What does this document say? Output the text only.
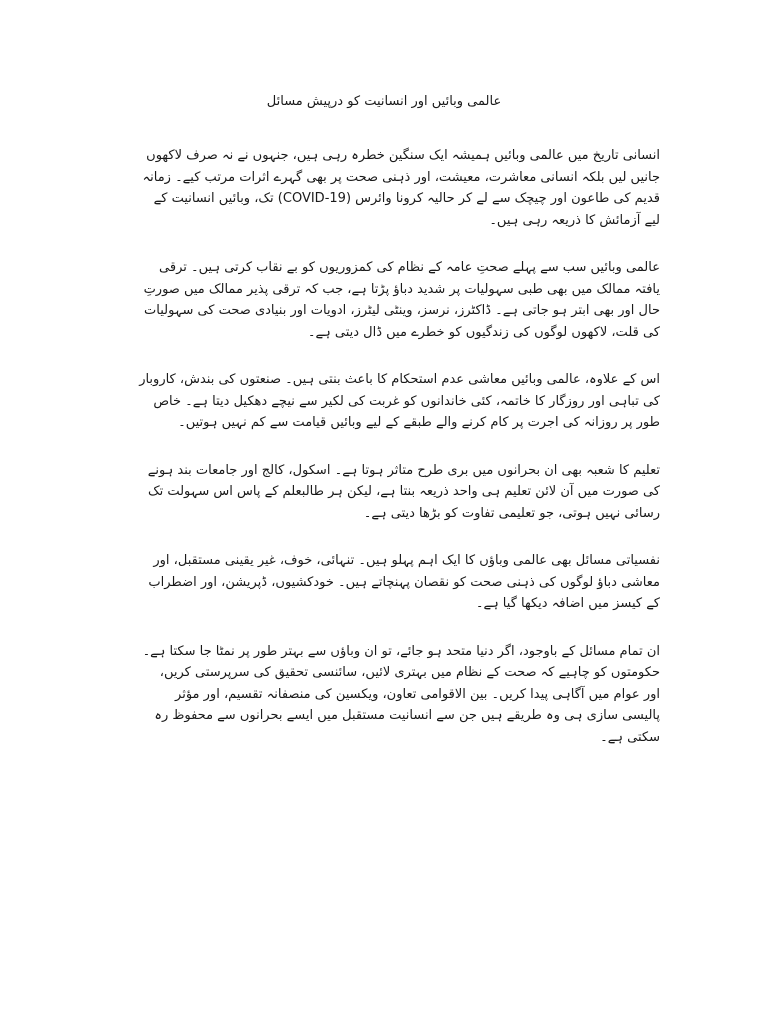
عالمی وبائیں اور انسانیت کو درپیش مسائل

انسانی تاریخ میں عالمی وبائیں ہمیشہ ایک سنگین خطرہ رہی ہیں، جنہوں نے نہ صرف لاکھوں
جانیں لیں بلکہ انسانی معاشرت، معیشت، اور ذہنی صحت پر بھی گہرے اثرات مرتب کیے۔ زمانہ
قدیم کی طاعون اور چیچک سے لے کر حالیہ کرونا وائرس (COVID-19) تک، وبائیں انسانیت کے
لیے آزمائش کا ذریعہ رہی ہیں۔

عالمی وبائیں سب سے پہلے صحتِ عامہ کے نظام کی کمزوریوں کو بے نقاب کرتی ہیں۔ ترقی
یافتہ ممالک میں بھی طبی سہولیات پر شدید دباؤ پڑتا ہے، جب کہ ترقی پذیر ممالک میں صورتِ
حال اور بھی ابتر ہو جاتی ہے۔ ڈاکٹرز، نرسز، وینٹی لیٹرز، ادویات اور بنیادی صحت کی سہولیات
کی قلت، لاکھوں لوگوں کی زندگیوں کو خطرے میں ڈال دیتی ہے۔

اس کے علاوہ، عالمی وبائیں معاشی عدم استحکام کا باعث بنتی ہیں۔ صنعتوں کی بندش، کاروبار
کی تباہی اور روزگار کا خاتمہ، کئی خاندانوں کو غربت کی لکیر سے نیچے دھکیل دیتا ہے۔ خاص
طور پر روزانہ کی اجرت پر کام کرنے والے طبقے کے لیے وبائیں قیامت سے کم نہیں ہوتیں۔

تعلیم کا شعبہ بھی ان بحرانوں میں بری طرح متاثر ہوتا ہے۔ اسکول، کالج اور جامعات بند ہونے
کی صورت میں آن لائن تعلیم ہی واحد ذریعہ بنتا ہے، لیکن ہر طالبعلم کے پاس اس سہولت تک
رسائی نہیں ہوتی، جو تعلیمی تفاوت کو بڑھا دیتی ہے۔

نفسیاتی مسائل بھی عالمی وباؤں کا ایک اہم پہلو ہیں۔ تنہائی، خوف، غیر یقینی مستقبل، اور
معاشی دباؤ لوگوں کی ذہنی صحت کو نقصان پہنچاتے ہیں۔ خودکشیوں، ڈپریشن، اور اضطراب
کے کیسز میں اضافہ دیکھا گیا ہے۔

ان تمام مسائل کے باوجود، اگر دنیا متحد ہو جائے، تو ان وباؤں سے بہتر طور پر نمٹا جا سکتا ہے۔
حکومتوں کو چاہیے کہ صحت کے نظام میں بہتری لائیں، سائنسی تحقیق کی سرپرستی کریں،
اور عوام میں آگاہی پیدا کریں۔ بین الاقوامی تعاون، ویکسین کی منصفانہ تقسیم، اور مؤثر
پالیسی سازی ہی وہ طریقے ہیں جن سے انسانیت مستقبل میں ایسے بحرانوں سے محفوظ رہ
سکتی ہے۔
